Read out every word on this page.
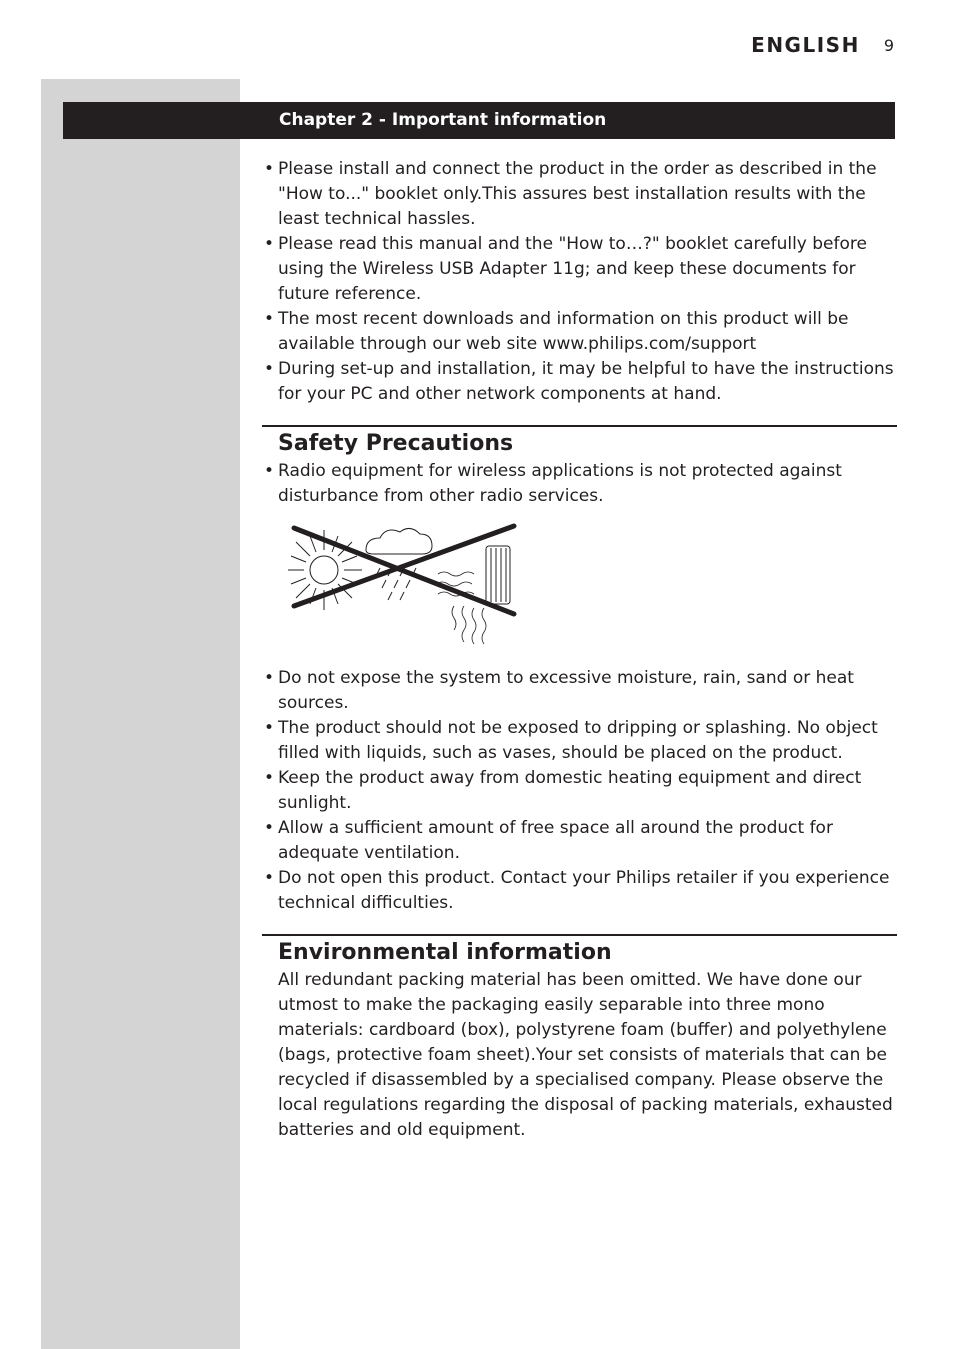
ENGLISH 9
Chapter 2 - Important information
• Please install and connect the product in the order as described in the "How to..." booklet only.This assures best installation results with the least technical hassles.
• Please read this manual and the "How to…?" booklet carefully before using the Wireless USB Adapter 11g; and keep these documents for future reference.
• The most recent downloads and information on this product will be available through our web site www.philips.com/support
• During set-up and installation, it may be helpful to have the instructions for your PC and other network components at hand.
Safety Precautions
• Radio equipment for wireless applications is not protected against disturbance from other radio services.
• Do not expose the system to excessive moisture, rain, sand or heat sources.
• The product should not be exposed to dripping or splashing. No object filled with liquids, such as vases, should be placed on the product.
• Keep the product away from domestic heating equipment and direct sunlight.
• Allow a sufficient amount of free space all around the product for adequate ventilation.
• Do not open this product. Contact your Philips retailer if you experience technical difficulties.
Environmental information

All redundant packing material has been omitted. We have done our utmost to make the packaging easily separable into three mono materials: cardboard (box), polystyrene foam (buffer) and polyethylene (bags, protective foam sheet).Your set consists of materials that can be recycled if disassembled by a specialised company. Please observe the local regulations regarding the disposal of packing materials, exhausted batteries and old equipment.
